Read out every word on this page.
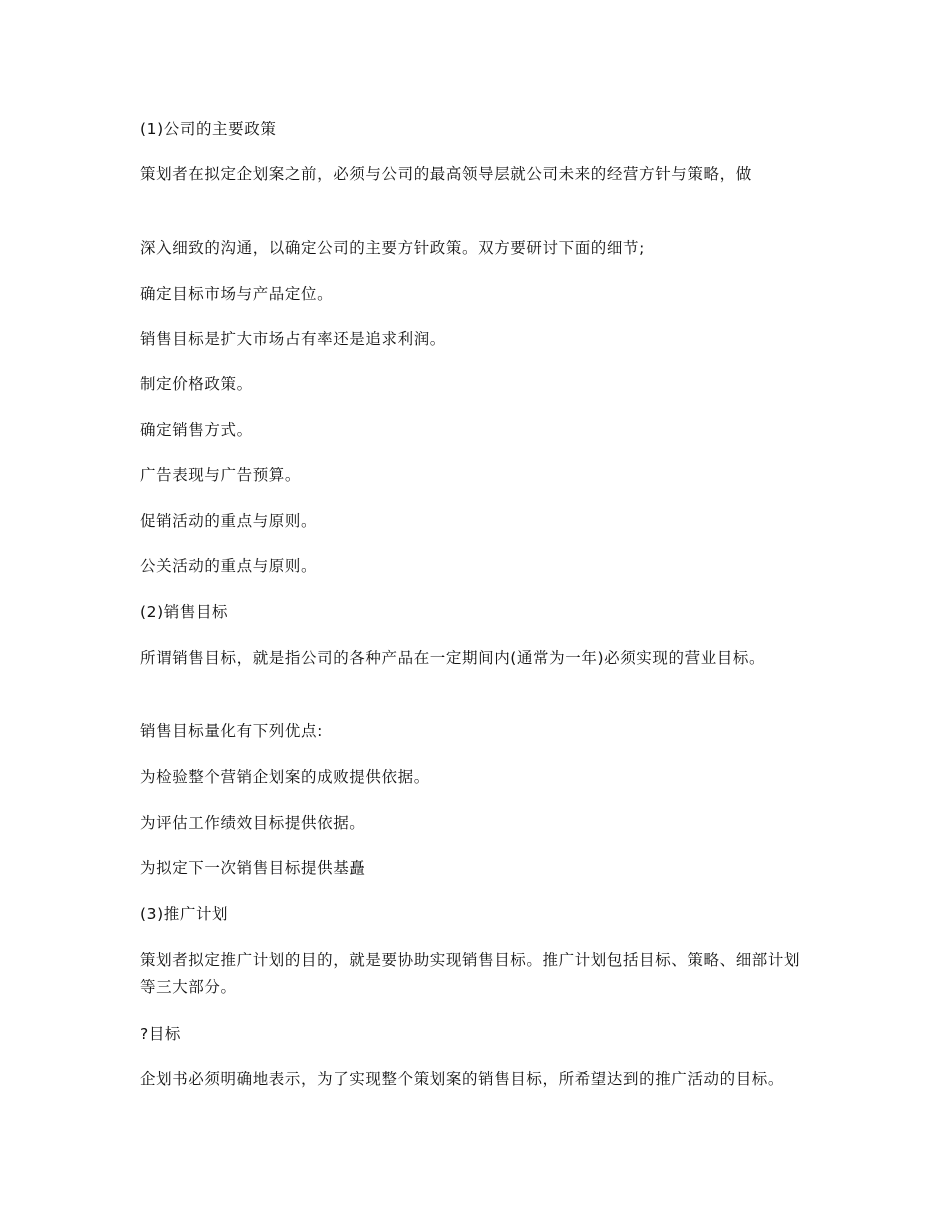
(1)公司的主要政策

策划者在拟定企划案之前，必须与公司的最高领导层就公司未来的经营方针与策略，做

深入细致的沟通，以确定公司的主要方针政策。双方要研讨下面的细节;

确定目标市场与产品定位。

销售目标是扩大市场占有率还是追求利润。

制定价格政策。

确定销售方式。

广告表现与广告预算。

促销活动的重点与原则。

公关活动的重点与原则。

(2)销售目标

所谓销售目标，就是指公司的各种产品在一定期间内(通常为一年)必须实现的营业目标。

销售目标量化有下列优点:

为检验整个营销企划案的成败提供依据。

为评估工作绩效目标提供依据。

为拟定下一次销售目标提供基矗

(3)推广计划

策划者拟定推广计划的目的，就是要协助实现销售目标。推广计划包括目标、策略、细部计划等三大部分。

?目标

企划书必须明确地表示，为了实现整个策划案的销售目标，所希望达到的推广活动的目标。
